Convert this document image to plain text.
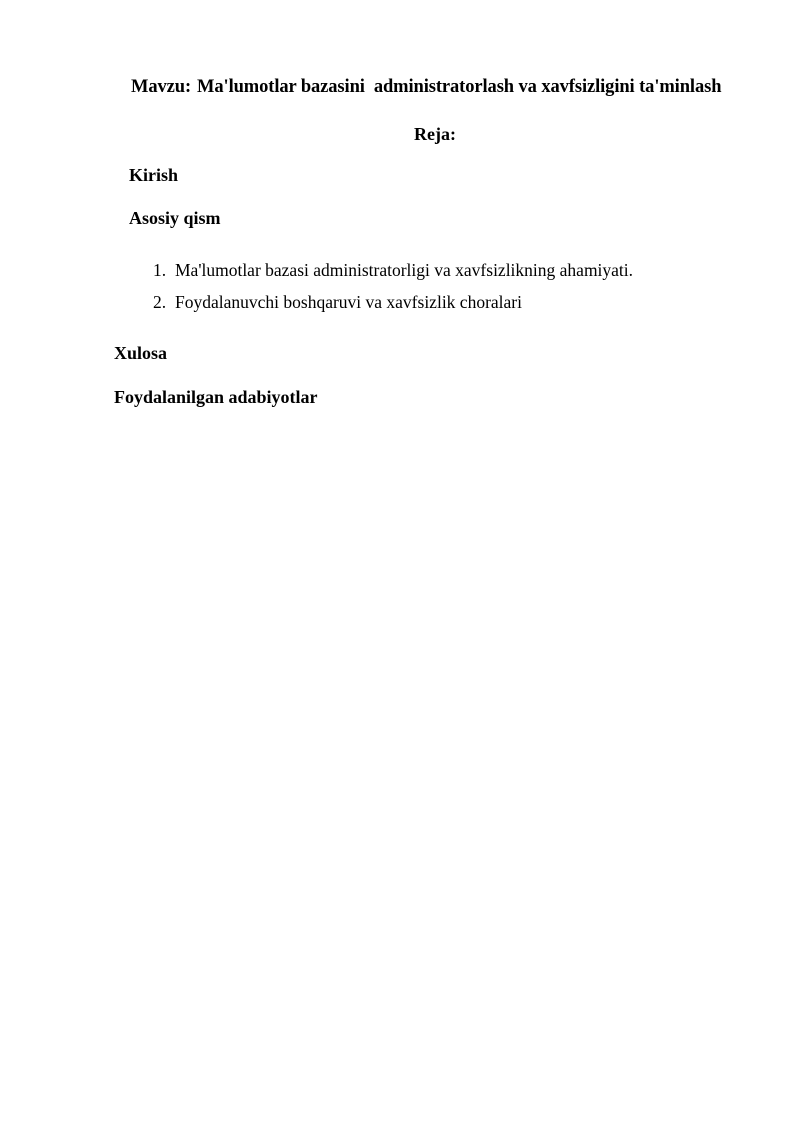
Mavzu: Ma'lumotlar bazasini  administratorlash va xavfsizligini ta'minlash
Reja:
Kirish
Asosiy qism
1. Ma'lumotlar bazasi administratorligi va xavfsizlikning ahamiyati.
2. Foydalanuvchi boshqaruvi va xavfsizlik choralari
Xulosa
Foydalanilgan adabiyotlar
